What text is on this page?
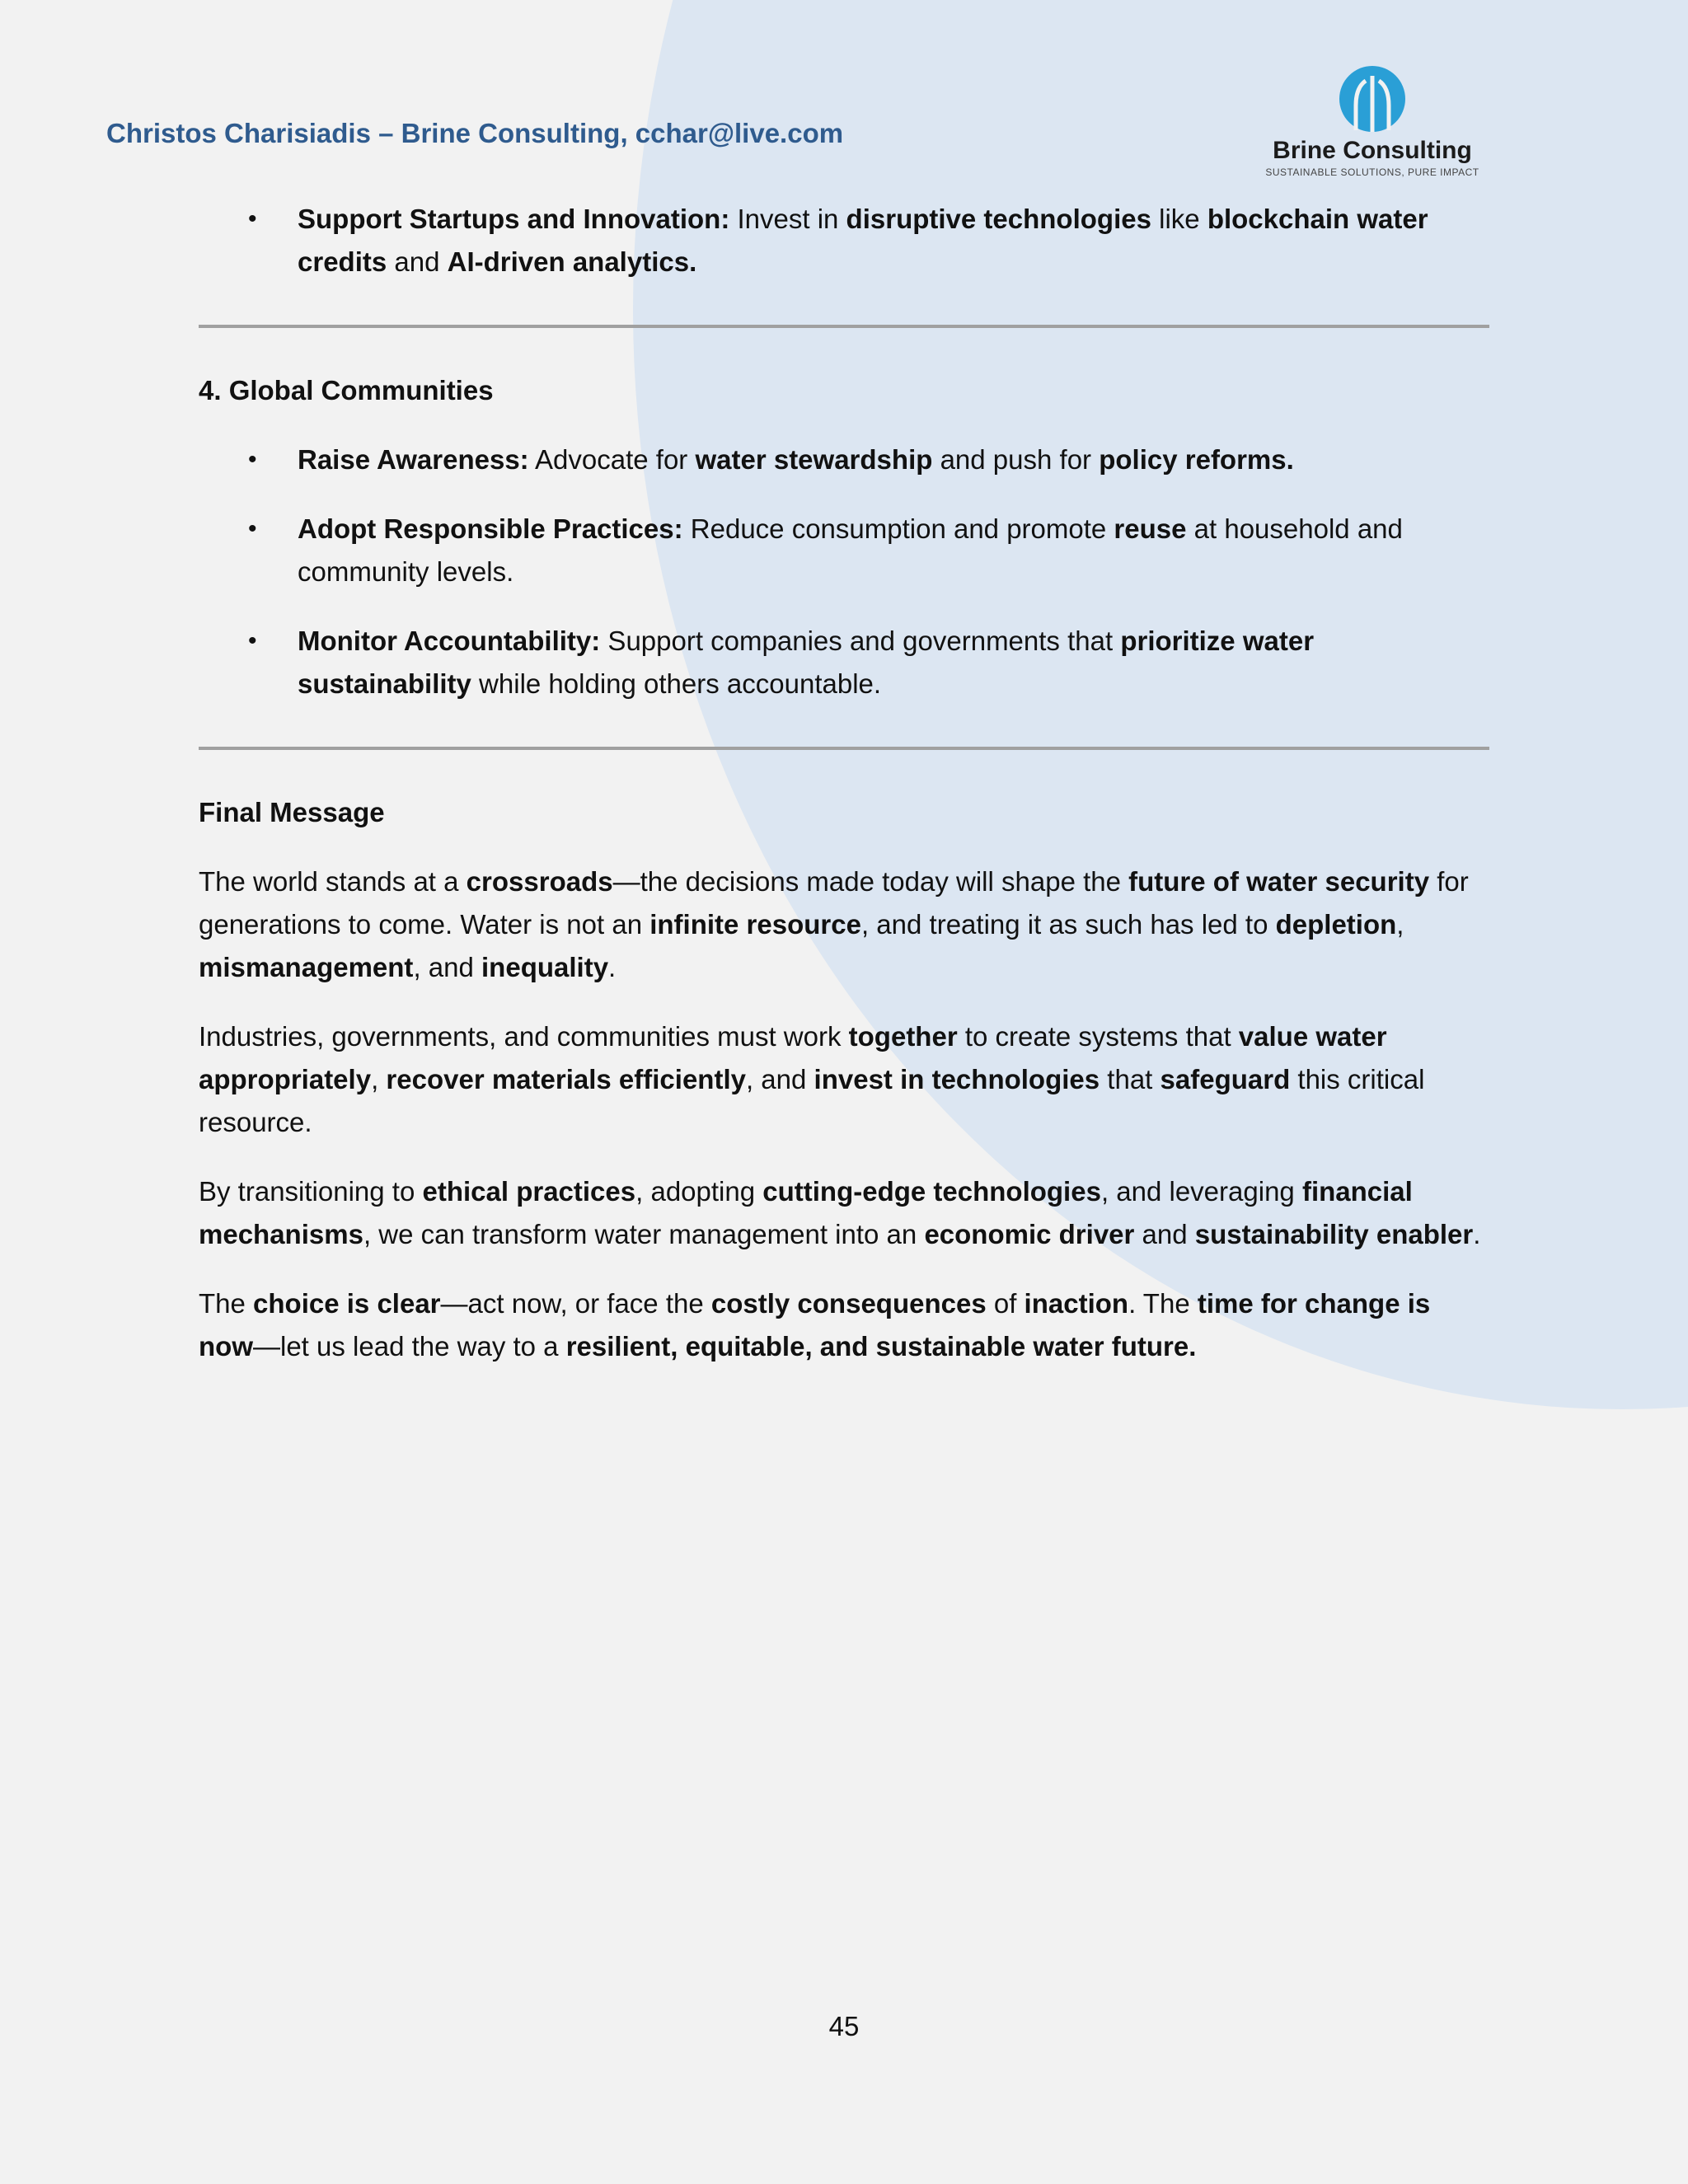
Christos Charisiadis – Brine Consulting, cchar@live.com
Brine Consulting
SUSTAINABLE SOLUTIONS, PURE IMPACT
• Support Startups and Innovation: Invest in disruptive technologies like blockchain water credits and AI-driven analytics.

4. Global Communities

• Raise Awareness: Advocate for water stewardship and push for policy reforms.
• Adopt Responsible Practices: Reduce consumption and promote reuse at household and community levels.
• Monitor Accountability: Support companies and governments that prioritize water sustainability while holding others accountable.

Final Message

The world stands at a crossroads—the decisions made today will shape the future of water security for generations to come. Water is not an infinite resource, and treating it as such has led to depletion, mismanagement, and inequality.

Industries, governments, and communities must work together to create systems that value water appropriately, recover materials efficiently, and invest in technologies that safeguard this critical resource.

By transitioning to ethical practices, adopting cutting-edge technologies, and leveraging financial mechanisms, we can transform water management into an economic driver and sustainability enabler.

The choice is clear—act now, or face the costly consequences of inaction. The time for change is now—let us lead the way to a resilient, equitable, and sustainable water future.

45
